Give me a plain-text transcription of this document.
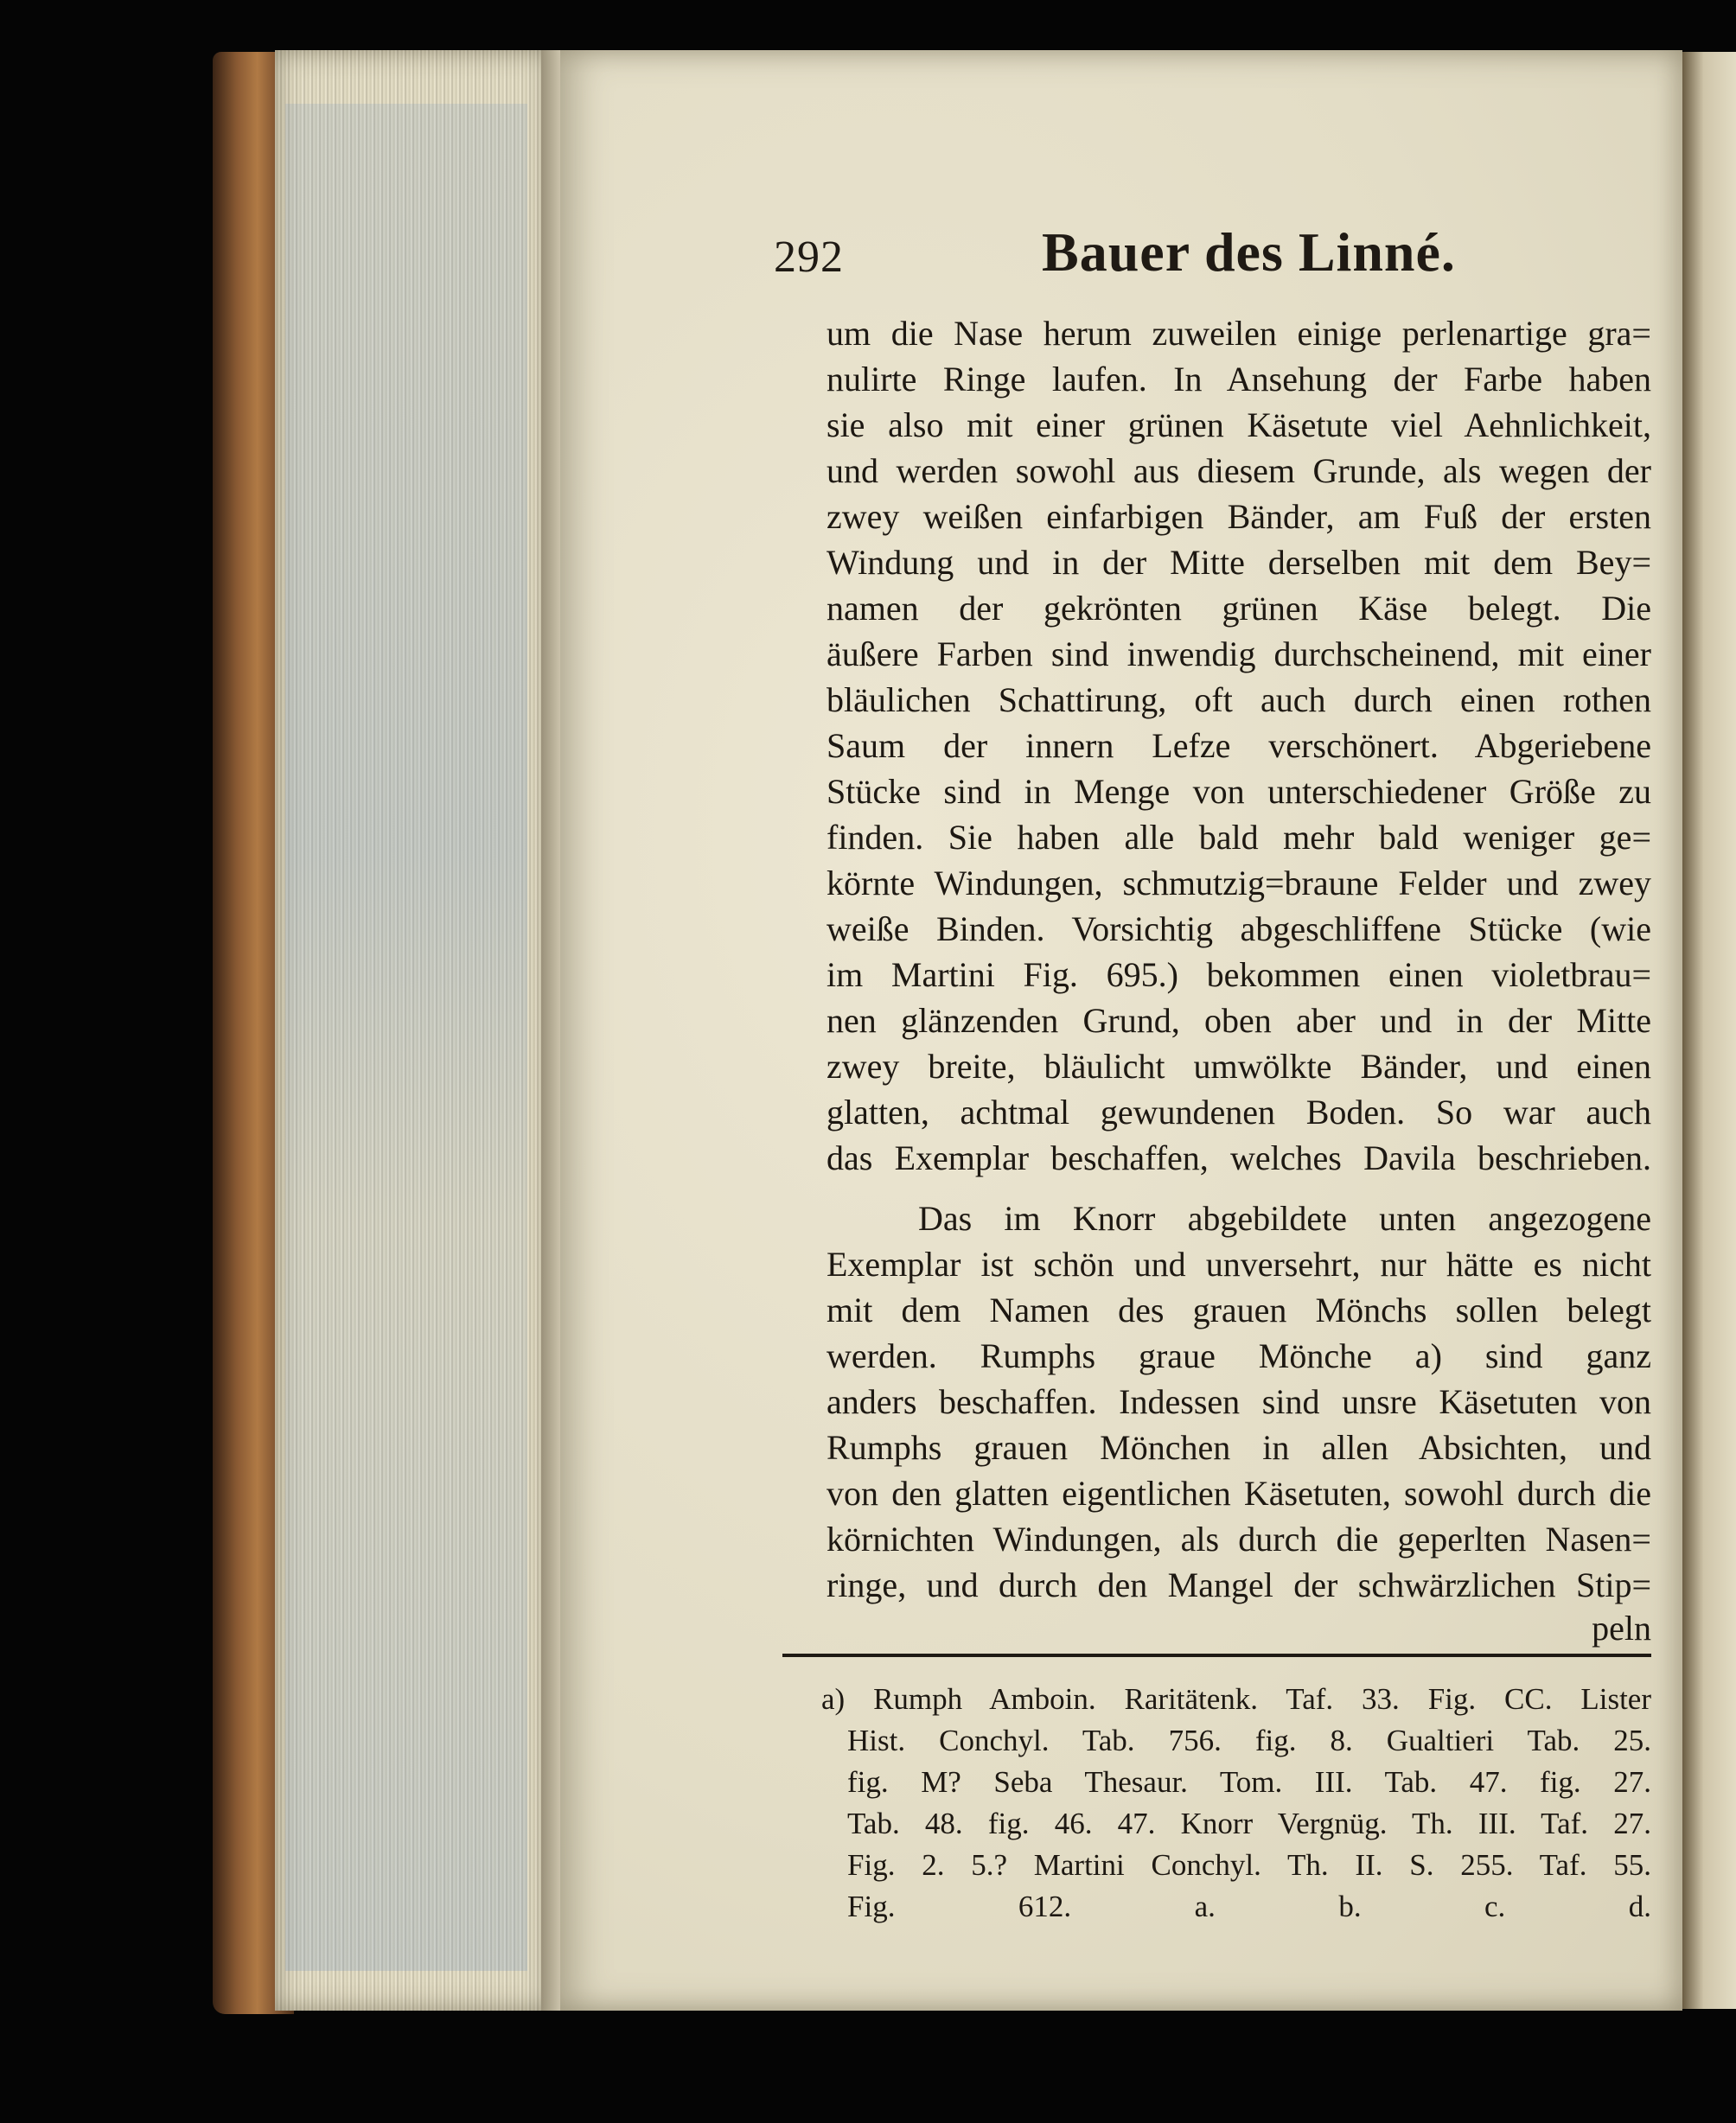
292	Bauer des Linné.
um die Nase herum zuweilen einige perlenartige gra=
nulirte Ringe laufen. In Ansehung der Farbe haben
sie also mit einer grünen Käsetute viel Aehnlichkeit,
und werden sowohl aus diesem Grunde, als wegen der
zwey weißen einfarbigen Bänder, am Fuß der ersten
Windung und in der Mitte derselben mit dem Bey=
namen der gekrönten grünen Käse belegt. Die
äußere Farben sind inwendig durchscheinend, mit einer
bläulichen Schattirung, oft auch durch einen rothen
Saum der innern Lefze verschönert. Abgeriebene
Stücke sind in Menge von unterschiedener Größe zu
finden. Sie haben alle bald mehr bald weniger ge=
körnte Windungen, schmutzig=braune Felder und zwey
weiße Binden. Vorsichtig abgeschliffene Stücke (wie
im Martini Fig. 695.) bekommen einen violetbrau=
nen glänzenden Grund, oben aber und in der Mitte
zwey breite, bläulicht umwölkte Bänder, und einen
glatten, achtmal gewundenen Boden. So war auch
das Exemplar beschaffen, welches Davila beschrieben.
Das im Knorr abgebildete unten angezogene
Exemplar ist schön und unversehrt, nur hätte es nicht
mit dem Namen des grauen Mönchs sollen belegt
werden. Rumphs graue Mönche a) sind ganz
anders beschaffen. Indessen sind unsre Käsetuten von
Rumphs grauen Mönchen in allen Absichten, und
von den glatten eigentlichen Käsetuten, sowohl durch die
körnichten Windungen, als durch die geperlten Nasen=
ringe, und durch den Mangel der schwärzlichen Stip=
peln
a) Rumph Amboin. Raritätenk. Taf. 33. Fig. CC. Lister
Hist. Conchyl. Tab. 756. fig. 8. Gualtieri Tab. 25.
fig. M? Seba Thesaur. Tom. III. Tab. 47. fig. 27.
Tab. 48. fig. 46. 47. Knorr Vergnüg. Th. III. Taf. 27.
Fig. 2. 5.? Martini Conchyl. Th. II. S. 255. Taf. 55.
Fig. 612. a. b. c. d.
